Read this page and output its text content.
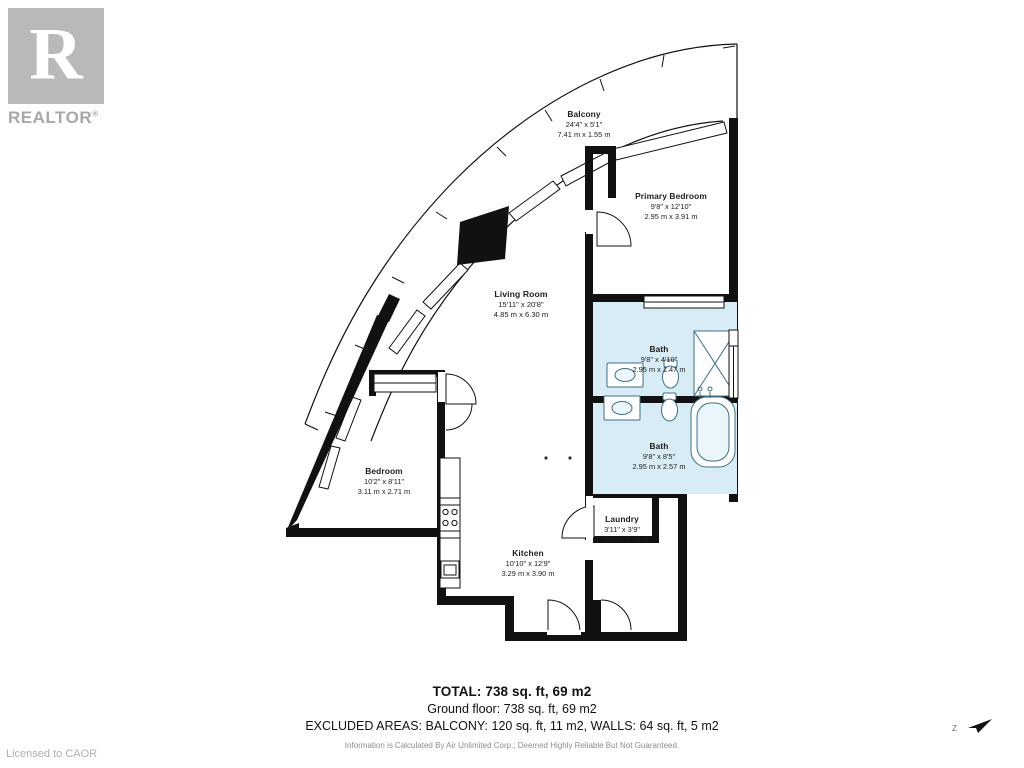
R
REALTOR®	Balcony
24'4" x 5'1"
7.41 m x 1.55 m
Primary Bedroom
9'8" x 12'10"
2.95 m x 3.91 m
Living Room
15'11" x 20'8"
4.85 m x 6.30 m
Bath
9'8" x 4'10"
2.95 m x 1.47 m
Bath
9'8" x 8'5"
2.95 m x 2.57 m
Bedroom
10'2" x 8'11"
3.11 m x 2.71 m
Laundry
3'11" x 3'9"
1.18 m x 1.15 m
Kitchen
10'10" x 12'9"
3.29 m x 3.90 m
TOTAL: 738 sq. ft, 69 m2
Ground floor: 738 sq. ft, 69 m2
EXCLUDED AREAS: BALCONY: 120 sq. ft, 11 m2, WALLS: 64 sq. ft, 5 m2
Information is Calculated By Air Unlimited Corp.; Deemed Highly Reliable But Not Guaranteed.
Z
Licensed to CAOR
